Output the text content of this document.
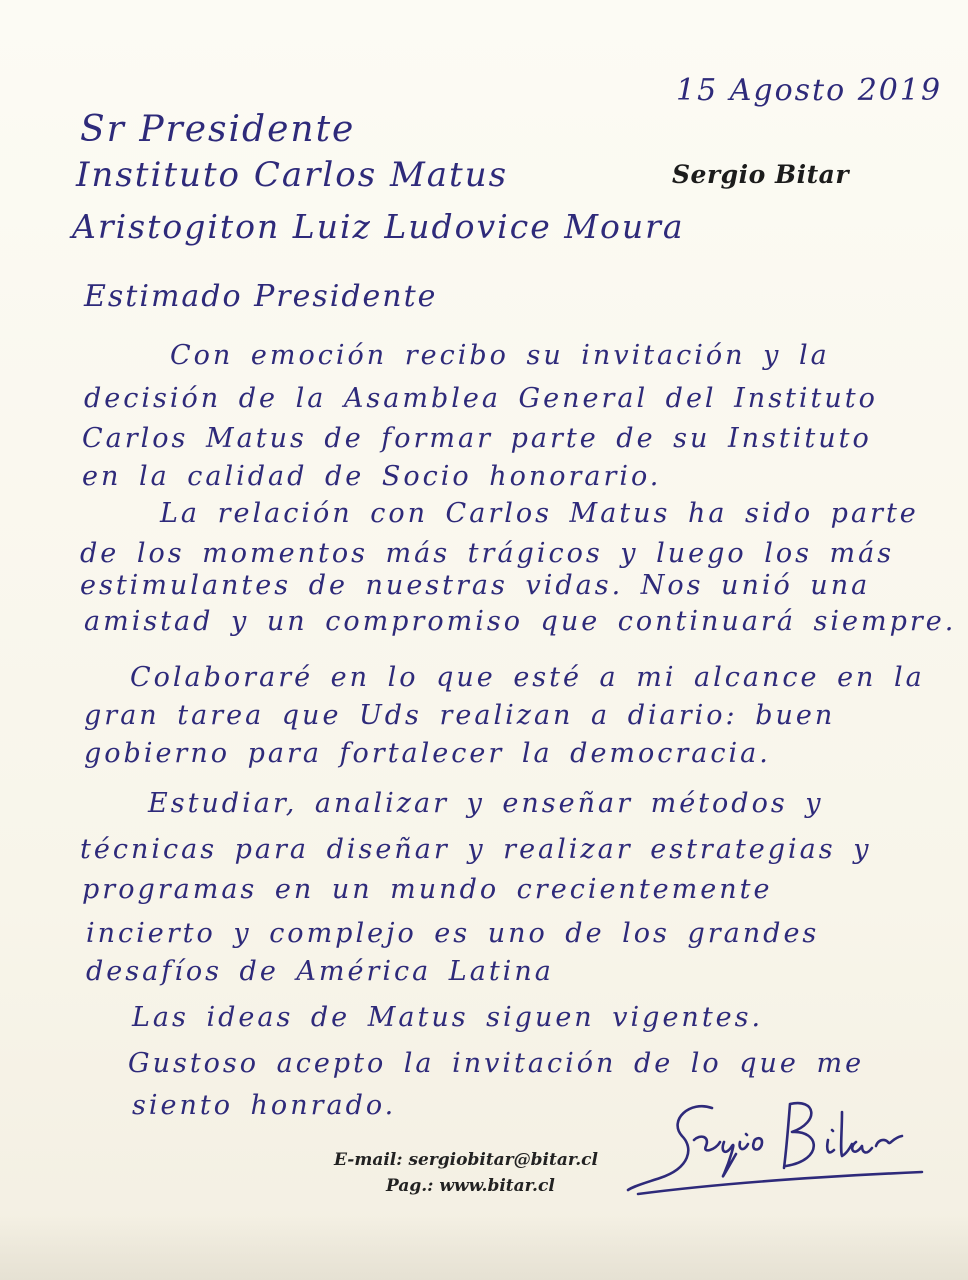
15 Agosto 2019
Sr Presidente
Instituto Carlos Matus
Aristogiton Luiz Ludovice Moura
Sergio Bitar
Estimado Presidente
Con emoción recibo su invitación y la
decisión de la Asamblea General del Instituto
Carlos Matus de formar parte de su Instituto
en la calidad de Socio honorario.
La relación con Carlos Matus ha sido parte
de los momentos más trágicos y luego los más
estimulantes de nuestras vidas. Nos unió una
amistad y un compromiso que continuará siempre.
Colaboraré en lo que esté a mi alcance en la
gran tarea que Uds realizan a diario: buen
gobierno para fortalecer la democracia.
Estudiar, analizar y enseñar métodos y
técnicas para diseñar y realizar estrategias y
programas en un mundo crecientemente
incierto y complejo es uno de los grandes
desafíos de América Latina
Las ideas de Matus siguen vigentes.
Gustoso acepto la invitación de lo que me
siento honrado.
E-mail: sergiobitar@bitar.cl
Pag.: www.bitar.cl
